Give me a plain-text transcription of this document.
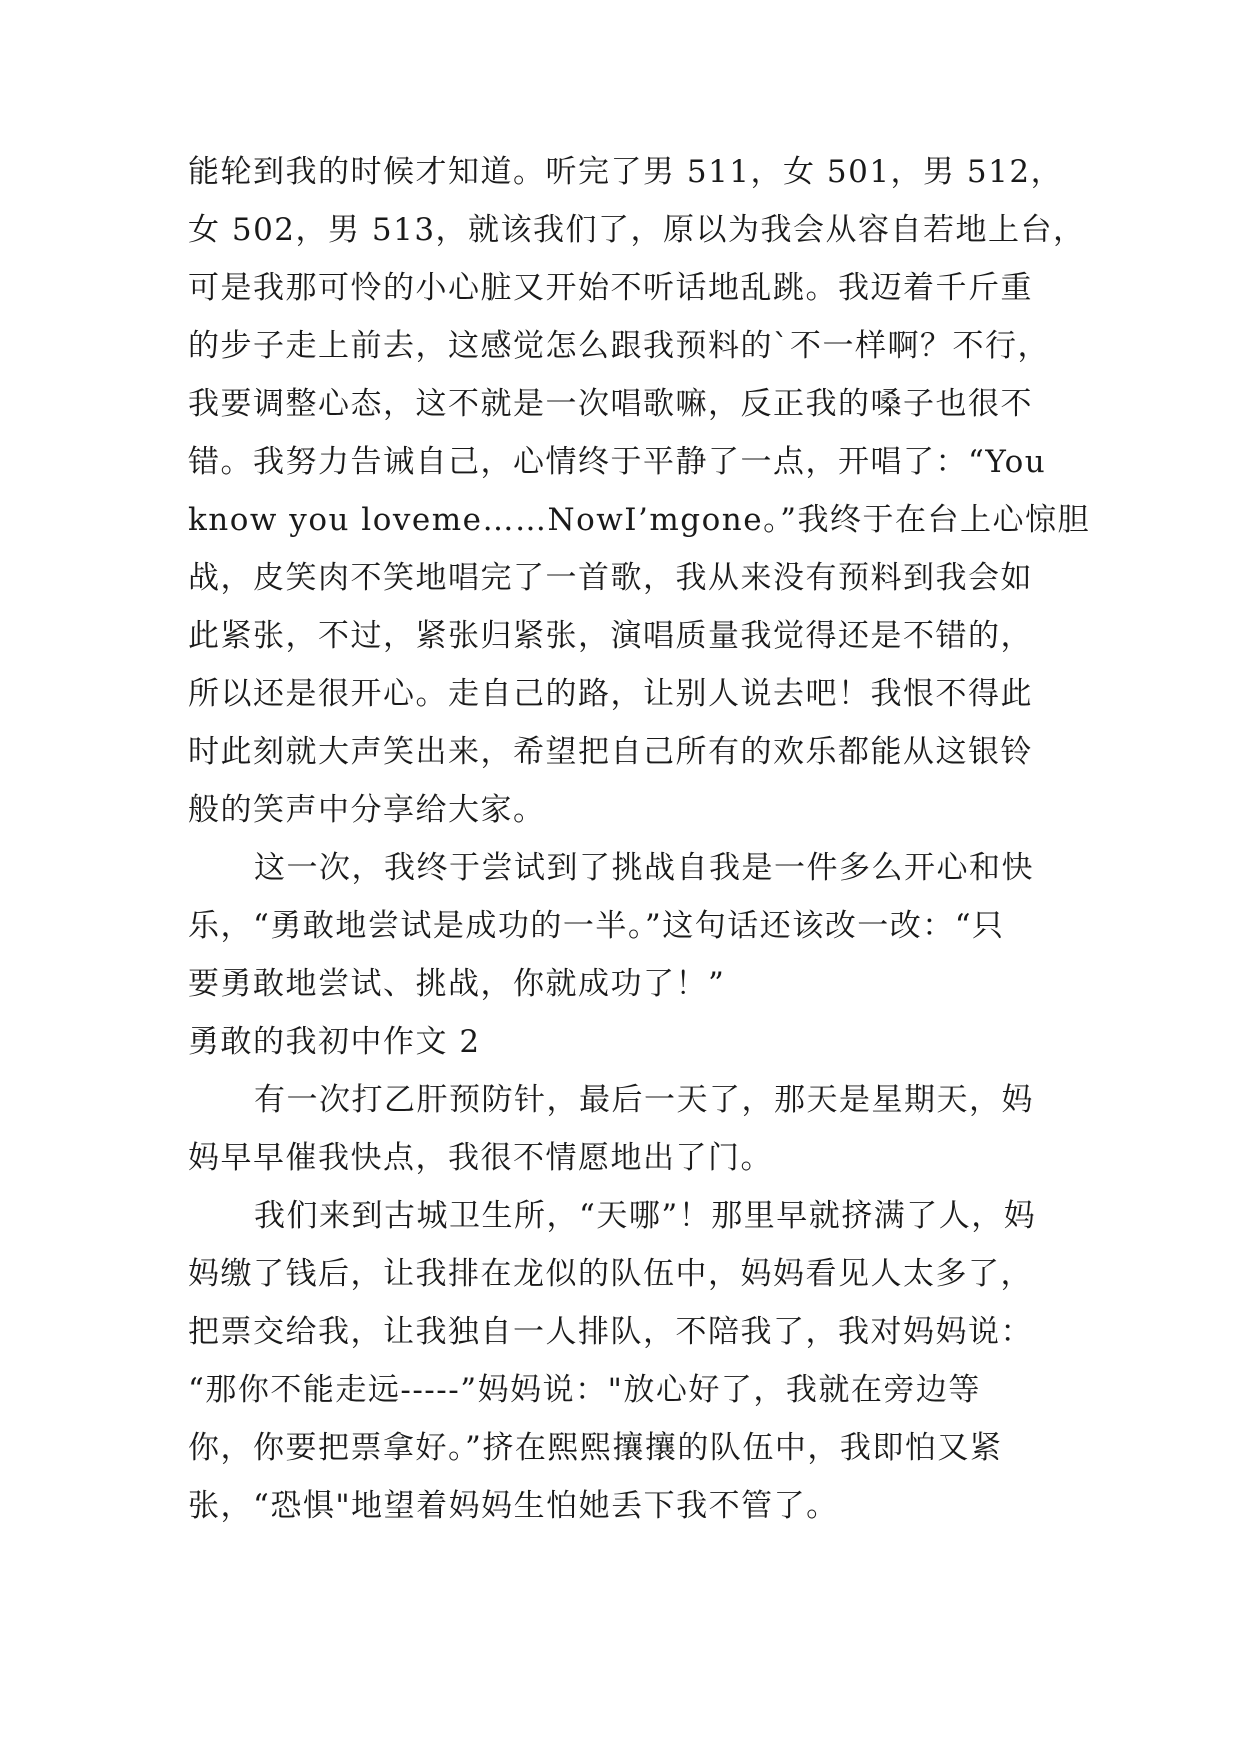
能轮到我的时候才知道。听完了男 511，女 501，男 512，
女 502，男 513，就该我们了，原以为我会从容自若地上台，
可是我那可怜的小心脏又开始不听话地乱跳。我迈着千斤重
的步子走上前去，这感觉怎么跟我预料的`不一样啊？不行，
我要调整心态，这不就是一次唱歌嘛，反正我的嗓子也很不
错。我努力告诫自己，心情终于平静了一点，开唱了：“You
know you loveme……NowI’mgone。”我终于在台上心惊胆
战，皮笑肉不笑地唱完了一首歌，我从来没有预料到我会如
此紧张，不过，紧张归紧张，演唱质量我觉得还是不错的，
所以还是很开心。走自己的路，让别人说去吧！我恨不得此
时此刻就大声笑出来，希望把自己所有的欢乐都能从这银铃
般的笑声中分享给大家。
这一次，我终于尝试到了挑战自我是一件多么开心和快
乐，“勇敢地尝试是成功的一半。”这句话还该改一改：“只
要勇敢地尝试、挑战，你就成功了！”
勇敢的我初中作文 2
有一次打乙肝预防针，最后一天了，那天是星期天，妈
妈早早催我快点，我很不情愿地出了门。
我们来到古城卫生所，“天哪”！那里早就挤满了人，妈
妈缴了钱后，让我排在龙似的队伍中，妈妈看见人太多了，
把票交给我，让我独自一人排队，不陪我了，我对妈妈说：
“那你不能走远-----”妈妈说："放心好了，我就在旁边等
你，你要把票拿好。”挤在熙熙攘攘的队伍中，我即怕又紧
张，“恐惧"地望着妈妈生怕她丢下我不管了。
